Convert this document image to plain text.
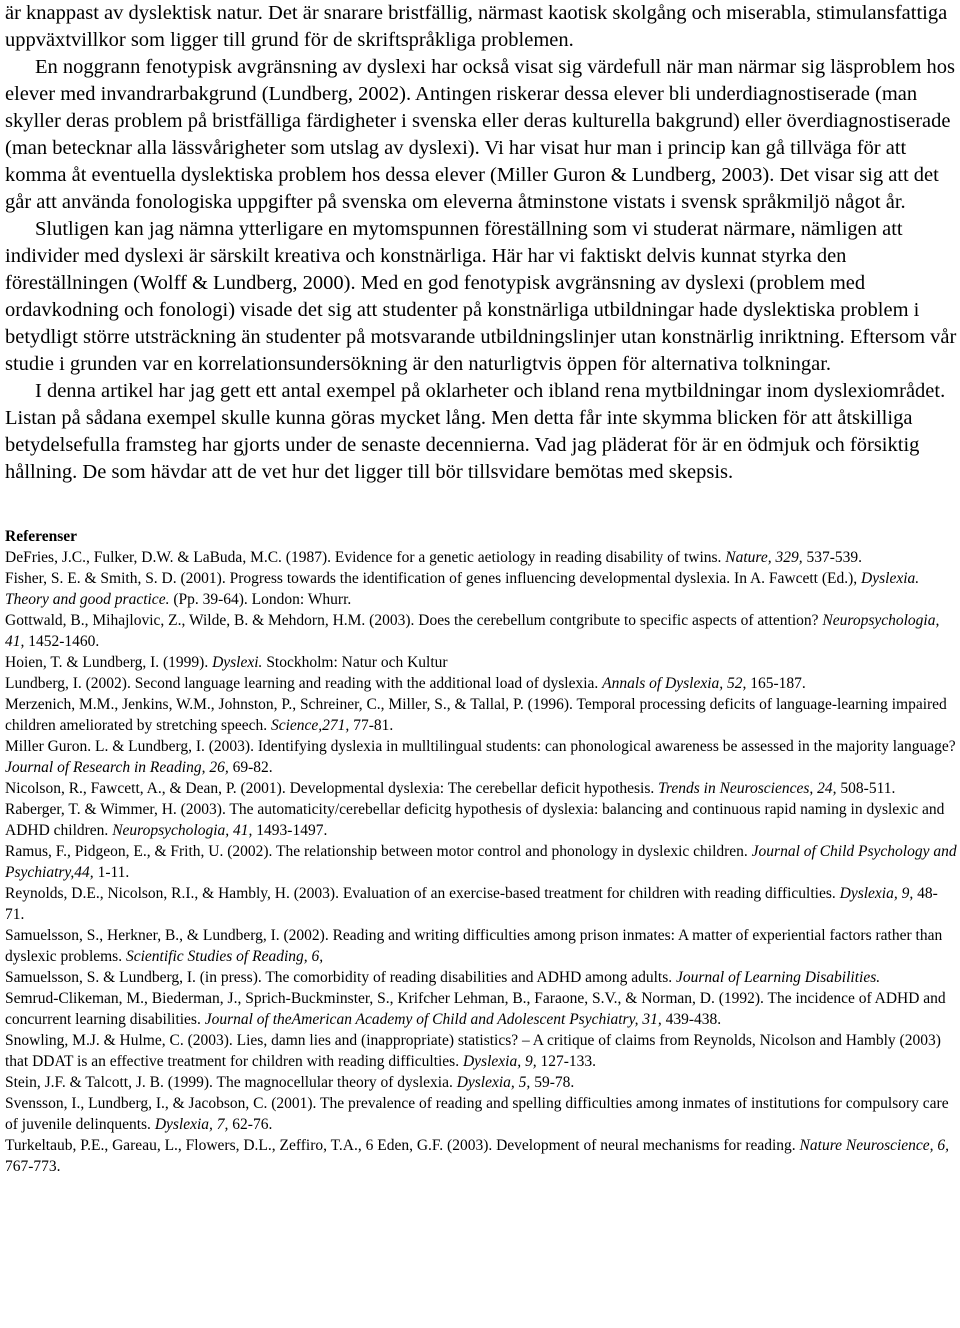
är knappast av dyslektisk natur. Det är snarare bristfällig, närmast kaotisk skolgång och miserabla, stimulansfattiga uppväxtvillkor som ligger till grund för de skriftspråkliga problemen.

En noggrann fenotypisk avgränsning av dyslexi har också visat sig värdefull när man närmar sig läsproblem hos elever med invandrarbakgrund (Lundberg, 2002). Antingen riskerar dessa elever bli underdiagnostiserade (man skyller deras problem på bristfälliga färdigheter i svenska eller deras kulturella bakgrund) eller överdiagnostiserade (man betecknar alla lässvårigheter som utslag av dyslexi). Vi har visat hur man i princip kan gå tillväga för att komma åt eventuella dyslektiska problem hos dessa elever (Miller Guron & Lundberg, 2003). Det visar sig att det går att använda fonologiska uppgifter på svenska om eleverna åtminstone vistats i svensk språkmiljö något år.

Slutligen kan jag nämna ytterligare en mytomspunnen föreställning som vi studerat närmare, nämligen att individer med dyslexi är särskilt kreativa och konstnärliga. Här har vi faktiskt delvis kunnat styrka den föreställningen (Wolff & Lundberg, 2000). Med en god fenotypisk avgränsning av dyslexi (problem med ordavkodning och fonologi) visade det sig att studenter på konstnärliga utbildningar hade dyslektiska problem i betydligt större utsträckning än studenter på motsvarande utbildningslinjer utan konstnärlig inriktning. Eftersom vår studie i grunden var en korrelationsundersökning är den naturligtvis öppen för alternativa tolkningar.

I denna artikel har jag gett ett antal exempel på oklarheter och ibland rena mytbildningar inom dyslexiområdet. Listan på sådana exempel skulle kunna göras mycket lång. Men detta får inte skymma blicken för att åtskilliga betydelsefulla framsteg har gjorts under de senaste decennierna. Vad jag pläderat för är en ödmjuk och försiktig hållning. De som hävdar att de vet hur det ligger till bör tillsvidare bemötas med skepsis.

Referenser

DeFries, J.C., Fulker, D.W. & LaBuda, M.C. (1987). Evidence for a genetic aetiology in reading disability of twins. Nature, 329, 537-539.

Fisher, S. E. & Smith, S. D. (2001). Progress towards the identification of genes influencing developmental dyslexia. In A. Fawcett (Ed.), Dyslexia. Theory and good practice. (Pp. 39-64). London: Whurr.

Gottwald, B., Mihajlovic, Z., Wilde, B. & Mehdorn, H.M. (2003). Does the cerebellum contgribute to specific aspects of attention? Neuropsychologia, 41, 1452-1460.

Hoien, T. & Lundberg, I. (1999). Dyslexi. Stockholm: Natur och Kultur

Lundberg, I. (2002). Second language learning and reading with the additional load of dyslexia. Annals of Dyslexia, 52, 165-187.

Merzenich, M.M., Jenkins, W.M., Johnston, P., Schreiner, C., Miller, S., & Tallal, P. (1996). Temporal processing deficits of language-learning impaired children ameliorated by stretching speech. Science,271, 77-81.

Miller Guron. L. & Lundberg, I. (2003). Identifying dyslexia in mulltilingual students: can phonological awareness be assessed in the majority language? Journal of Research in Reading, 26, 69-82.

Nicolson, R., Fawcett, A., & Dean, P. (2001). Developmental dyslexia: The cerebellar deficit hypothesis. Trends in Neurosciences, 24, 508-511.

Raberger, T. & Wimmer, H. (2003). The automaticity/cerebellar deficitg hypothesis of dyslexia: balancing and continuous rapid naming in dyslexic and ADHD children. Neuropsychologia, 41, 1493-1497.

Ramus, F., Pidgeon, E., & Frith, U. (2002). The relationship between motor control and phonology in dyslexic children. Journal of Child Psychology and Psychiatry,44, 1-11.

Reynolds, D.E., Nicolson, R.I., & Hambly, H. (2003). Evaluation of an exercise-based treatment for children with reading difficulties. Dyslexia, 9, 48-71.

Samuelsson, S., Herkner, B., & Lundberg, I. (2002). Reading and writing difficulties among prison inmates: A matter of experiential factors rather than dyslexic problems. Scientific Studies of Reading, 6,

Samuelsson, S. & Lundberg, I. (in press). The comorbidity of reading disabilities and ADHD among adults. Journal of Learning Disabilities.

Semrud-Clikeman, M., Biederman, J., Sprich-Buckminster, S., Krifcher Lehman, B., Faraone, S.V., & Norman, D. (1992). The incidence of ADHD and concurrent learning disabilities. Journal of theAmerican Academy of Child and Adolescent Psychiatry, 31, 439-438.

Snowling, M.J. & Hulme, C. (2003). Lies, damn lies and (inappropriate) statistics? – A critique of claims from Reynolds, Nicolson and Hambly (2003) that DDAT is an effective treatment for children with reading difficulties. Dyslexia, 9, 127-133.

Stein, J.F. & Talcott, J. B. (1999). The magnocellular theory of dyslexia. Dyslexia, 5, 59-78.

Svensson, I., Lundberg, I., & Jacobson, C. (2001). The prevalence of reading and spelling difficulties among inmates of institutions for compulsory care of juvenile delinquents. Dyslexia, 7, 62-76.

Turkeltaub, P.E., Gareau, L., Flowers, D.L., Zeffiro, T.A., 6 Eden, G.F. (2003). Development of neural mechanisms for reading. Nature Neuroscience, 6, 767-773.
